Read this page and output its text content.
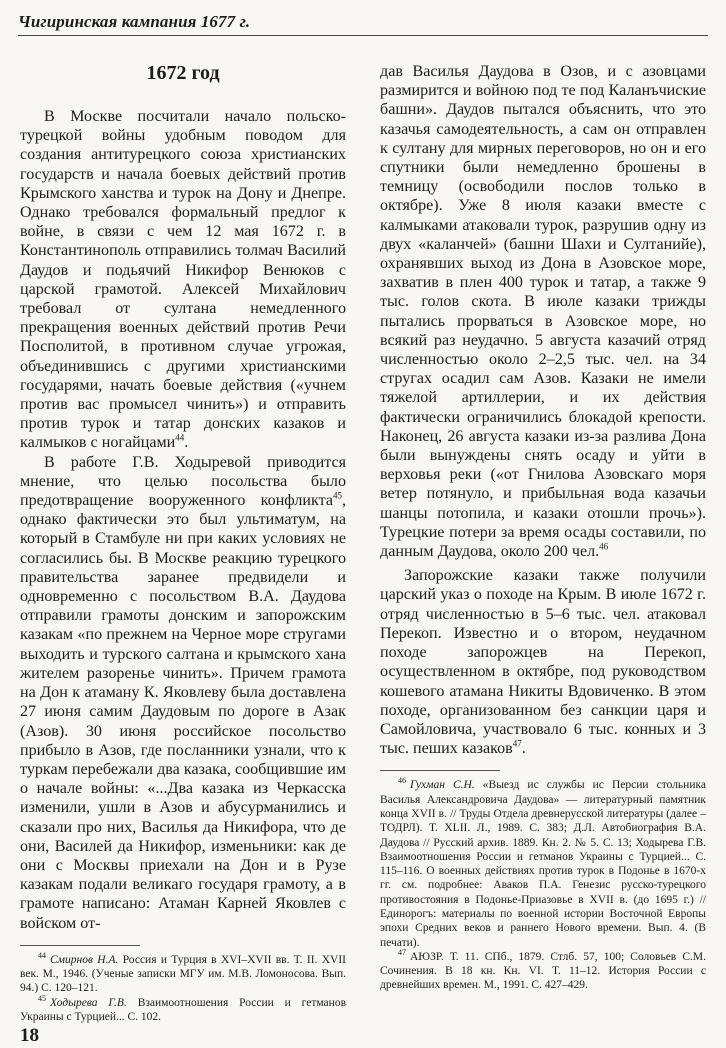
Чигиринская кампания 1677 г.
1672 год

В Москве посчитали начало польско-турецкой войны удобным поводом для создания антитурецкого союза христианских государств и начала боевых действий против Крымского ханства и турок на Дону и Днепре. Однако требовался формальный предлог к войне, в связи с чем 12 мая 1672 г. в Константинополь отправились толмач Василий Даудов и подьячий Никифор Венюков с царской грамотой. Алексей Михайлович требовал от султана немедленного прекращения военных действий против Речи Посполитой, в противном случае угрожая, объединившись с другими христианскими государями, начать боевые действия («учнем против вас промысел чинить») и отправить против турок и татар донских казаков и калмыков с ногайцами$^{44}$.

В работе Г.В. Ходыревой приводится мнение, что целью посольства было предотвращение вооруженного конфликта$^{45}$, однако фактически это был ультиматум, на который в Стамбуле ни при каких условиях не согласились бы. В Москве реакцию турецкого правительства заранее предвидели и одновременно с посольством В.А. Даудова отправили грамоты донским и запорожским казакам «по прежнем на Черное море стругами выходить и турского салтана и крымского хана жителем разоренье чинить». Причем грамота на Дон к атаману К. Яковлеву была доставлена 27 июня самим Даудовым по дороге в Азак (Азов). 30 июня российское посольство прибыло в Азов, где посланники узнали, что к туркам перебежали два казака, сообщившие им о начале войны: «...Два казака из Черкасска изменили, ушли в Азов и абусурманились и сказали про них, Василья да Никифора, что де они, Василей да Никифор, изменьники: как де они с Москвы приехали на Дон и в Рузе казакам подали великаго государя грамоту, а в грамоте написано: Атаман Карней Яковлев с войском от-

$^{44}$ Смирнов Н.А. Россия и Турция в XVI–XVII вв. Т. II. XVII век. М., 1946. (Ученые записки МГУ им. М.В. Ломоносова. Вып. 94.) С. 120–121.

$^{45}$ Ходырева Г.В. Взаимоотношения России и гетманов Украины с Турцией... С. 102.

дав Василья Даудова в Озов, и с азовцами размирится и войною под те под Каланъчиские башни». Даудов пытался объяснить, что это казачья самодеятельность, а сам он отправлен к султану для мирных переговоров, но он и его спутники были немедленно брошены в темницу (освободили послов только в октябре). Уже 8 июля казаки вместе с калмыками атаковали турок, разрушив одну из двух «каланчей» (башни Шахи и Султанийе), охранявших выход из Дона в Азовское море, захватив в плен 400 турок и татар, а также 9 тыс. голов скота. В июле казаки трижды пытались прорваться в Азовское море, но всякий раз неудачно. 5 августа казачий отряд численностью около 2–2,5 тыс. чел. на 34 стругах осадил сам Азов. Казаки не имели тяжелой артиллерии, и их действия фактически ограничились блокадой крепости. Наконец, 26 августа казаки из-за разлива Дона были вынуждены снять осаду и уйти в верховья реки («от Гнилова Азовскаго моря ветер потянуло, и прибыльная вода казачьи шанцы потопила, и казаки отошли прочь»). Турецкие потери за время осады составили, по данным Даудова, около 200 чел.$^{46}$

Запорожские казаки также получили царский указ о походе на Крым. В июле 1672 г. отряд численностью в 5–6 тыс. чел. атаковал Перекоп. Известно и о втором, неудачном походе запорожцев на Перекоп, осуществленном в октябре, под руководством кошевого атамана Никиты Вдовиченко. В этом походе, организованном без санкции царя и Самойловича, участвовало 6 тыс. конных и 3 тыс. пеших казаков$^{47}$.

$^{46}$ Гухман С.Н. «Выезд ис службы ис Персии стольника Василья Александровича Даудова» — литературный памятник конца XVII в. // Труды Отдела древнерусской литературы (далее – ТОДРЛ). Т. XLII. Л., 1989. С. 383; Д.Л. Автобиография В.А. Даудова // Русский архив. 1889. Кн. 2. № 5. С. 13; Ходырева Г.В. Взаимоотношения России и гетманов Украины с Турцией... С. 115–116. О военных действиях против турок в Подонье в 1670-х гг. см. подробнее: Аваков П.А. Генезис русско-турецкого противостояния в Подонье-Приазовье в XVII в. (до 1695 г.) // Единорогъ: материалы по военной истории Восточной Европы эпохи Средних веков и раннего Нового времени. Вып. 4. (В печати).

$^{47}$ АЮЗР. Т. 11. СПб., 1879. Стлб. 57, 100; Соловьев С.М. Сочинения. В 18 кн. Кн. VI. Т. 11–12. История России с древнейших времен. М., 1991. С. 427–429.

18
